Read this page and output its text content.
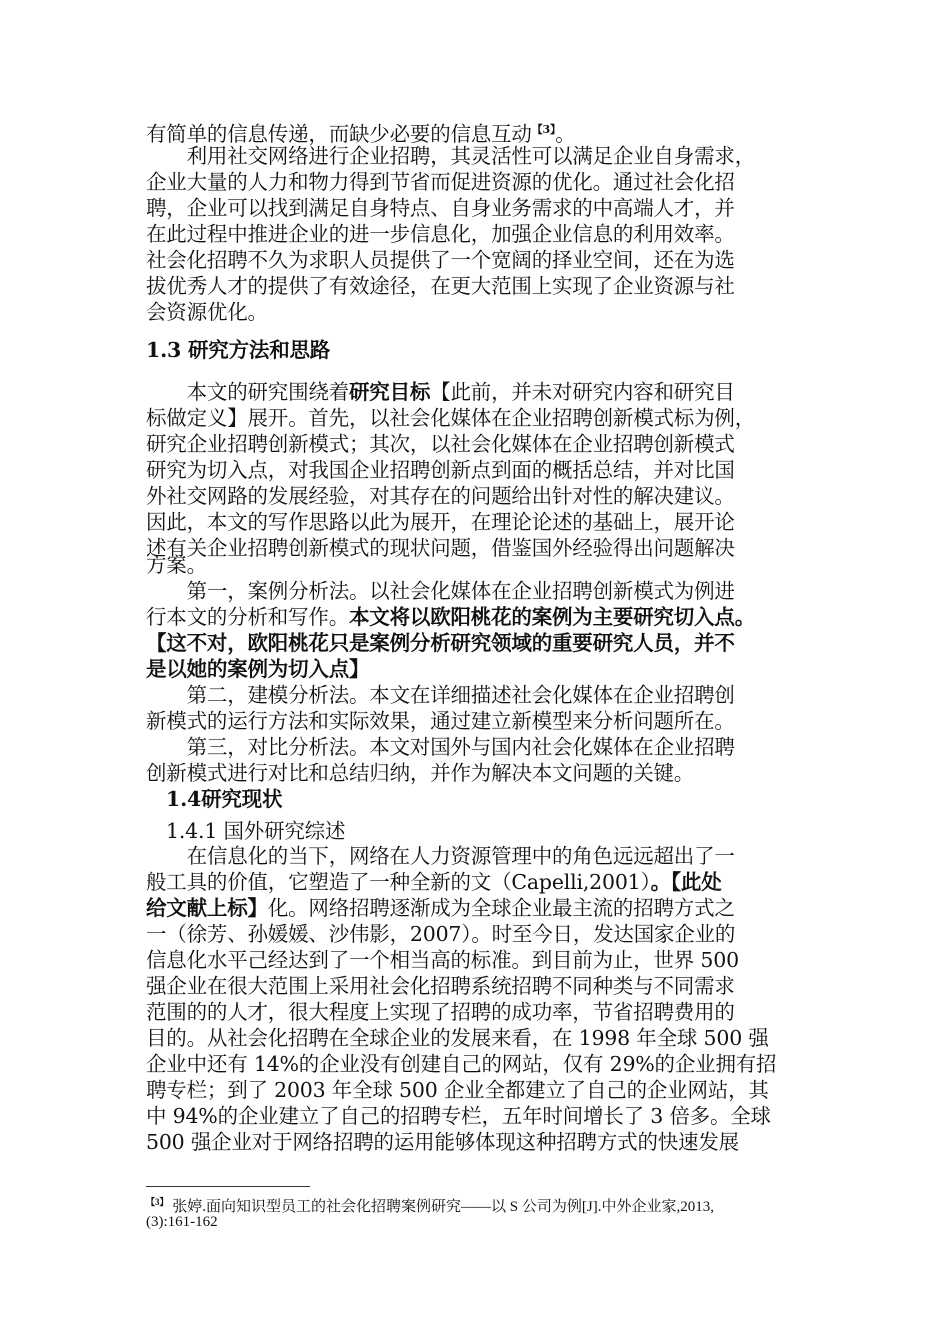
有简单的信息传递，而缺少必要的信息互动$^{【3】}$。
　　利用社交网络进行企业招聘，其灵活性可以满足企业自身需求，
企业大量的人力和物力得到节省而促进资源的优化。通过社会化招
聘，企业可以找到满足自身特点、自身业务需求的中高端人才，并
在此过程中推进企业的进一步信息化，加强企业信息的利用效率。
社会化招聘不久为求职人员提供了一个宽阔的择业空间，还在为选
拔优秀人才的提供了有效途径，在更大范围上实现了企业资源与社
会资源优化。
1.3 研究方法和思路
　　本文的研究围绕着研究目标【此前，并未对研究内容和研究目
标做定义】展开。首先，以社会化媒体在企业招聘创新模式标为例，
研究企业招聘创新模式；其次，以社会化媒体在企业招聘创新模式
研究为切入点，对我国企业招聘创新点到面的概括总结，并对比国
外社交网路的发展经验，对其存在的问题给出针对性的解决建议。
因此，本文的写作思路以此为展开，在理论论述的基础上，展开论
述有关企业招聘创新模式的现状问题，借鉴国外经验得出问题解决
方案。
　　第一，案例分析法。以社会化媒体在企业招聘创新模式为例进
行本文的分析和写作。本文将以欧阳桃花的案例为主要研究切入点。
【这不对，欧阳桃花只是案例分析研究领域的重要研究人员，并不
是以她的案例为切入点】
　　第二，建模分析法。本文在详细描述社会化媒体在企业招聘创
新模式的运行方法和实际效果，通过建立新模型来分析问题所在。
　　第三，对比分析法。本文对国外与国内社会化媒体在企业招聘
创新模式进行对比和总结归纳，并作为解决本文问题的关键。
1.4研究现状
1.4.1 国外研究综述
　　在信息化的当下，网络在人力资源管理中的角色远远超出了一
般工具的价值，它塑造了一种全新的文（Capelli,2001）。【此处
给文献上标】化。网络招聘逐渐成为全球企业最主流的招聘方式之
一（徐芳、孙媛媛、沙伟影，2007）。时至今日，发达国家企业的
信息化水平己经达到了一个相当高的标准。到目前为止，世界 500
强企业在很大范围上采用社会化招聘系统招聘不同种类与不同需求
范围的的人才，很大程度上实现了招聘的成功率，节省招聘费用的
目的。从社会化招聘在全球企业的发展来看，在 1998 年全球 500 强
企业中还有 14%的企业没有创建自己的网站，仅有 29%的企业拥有招
聘专栏；到了 2003 年全球 500 企业全都建立了自己的企业网站，其
中 94%的企业建立了自己的招聘专栏，五年时间增长了 3 倍多。全球
500 强企业对于网络招聘的运用能够体现这种招聘方式的快速发展
$^{【3】}$ 张婷.面向知识型员工的社会化招聘案例研究——以 S 公司为例[J].中外企业家,2013,
(3):161-162
